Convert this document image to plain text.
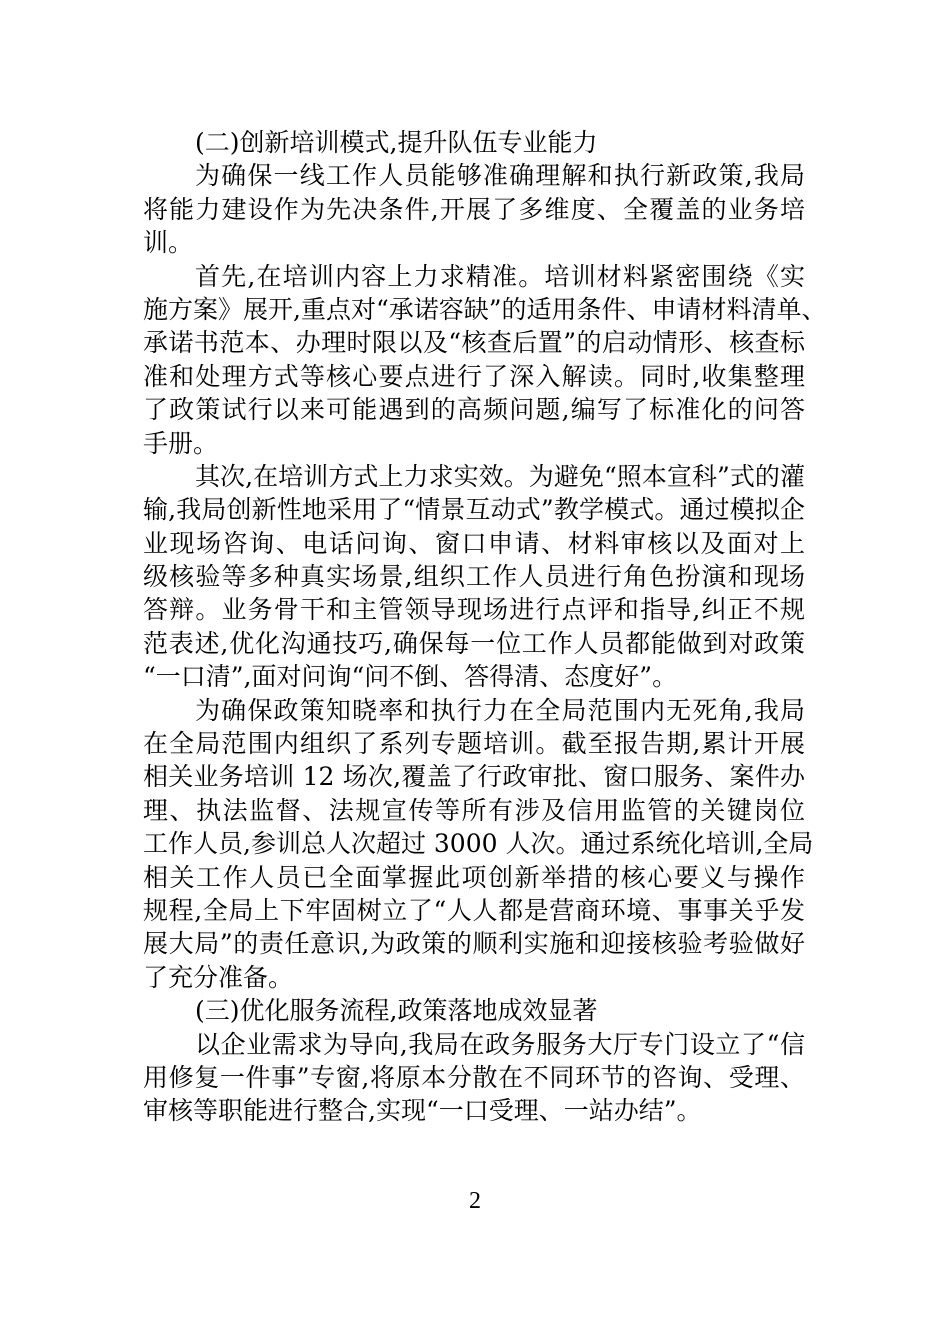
(二)创新培训模式,提升队伍专业能力
为确保一线工作人员能够准确理解和执行新政策,我局
将能力建设作为先决条件,开展了多维度、全覆盖的业务培
训。
首先,在培训内容上力求精准。培训材料紧密围绕《实
施方案》展开,重点对“承诺容缺”的适用条件、申请材料清单、
承诺书范本、办理时限以及“核查后置”的启动情形、核查标
准和处理方式等核心要点进行了深入解读。同时,收集整理
了政策试行以来可能遇到的高频问题,编写了标准化的问答
手册。
其次,在培训方式上力求实效。为避免“照本宣科”式的灌
输,我局创新性地采用了“情景互动式”教学模式。通过模拟企
业现场咨询、电话问询、窗口申请、材料审核以及面对上
级核验等多种真实场景,组织工作人员进行角色扮演和现场
答辩。业务骨干和主管领导现场进行点评和指导,纠正不规
范表述,优化沟通技巧,确保每一位工作人员都能做到对政策
“一口清”,面对问询“问不倒、答得清、态度好”。
为确保政策知晓率和执行力在全局范围内无死角,我局
在全局范围内组织了系列专题培训。截至报告期,累计开展
相关业务培训 12 场次,覆盖了行政审批、窗口服务、案件办
理、执法监督、法规宣传等所有涉及信用监管的关键岗位
工作人员,参训总人次超过 3000 人次。通过系统化培训,全局
相关工作人员已全面掌握此项创新举措的核心要义与操作
规程,全局上下牢固树立了“人人都是营商环境、事事关乎发
展大局”的责任意识,为政策的顺利实施和迎接核验考验做好
了充分准备。
(三)优化服务流程,政策落地成效显著
以企业需求为导向,我局在政务服务大厅专门设立了“信
用修复一件事”专窗,将原本分散在不同环节的咨询、受理、
审核等职能进行整合,实现“一口受理、一站办结”。
2
